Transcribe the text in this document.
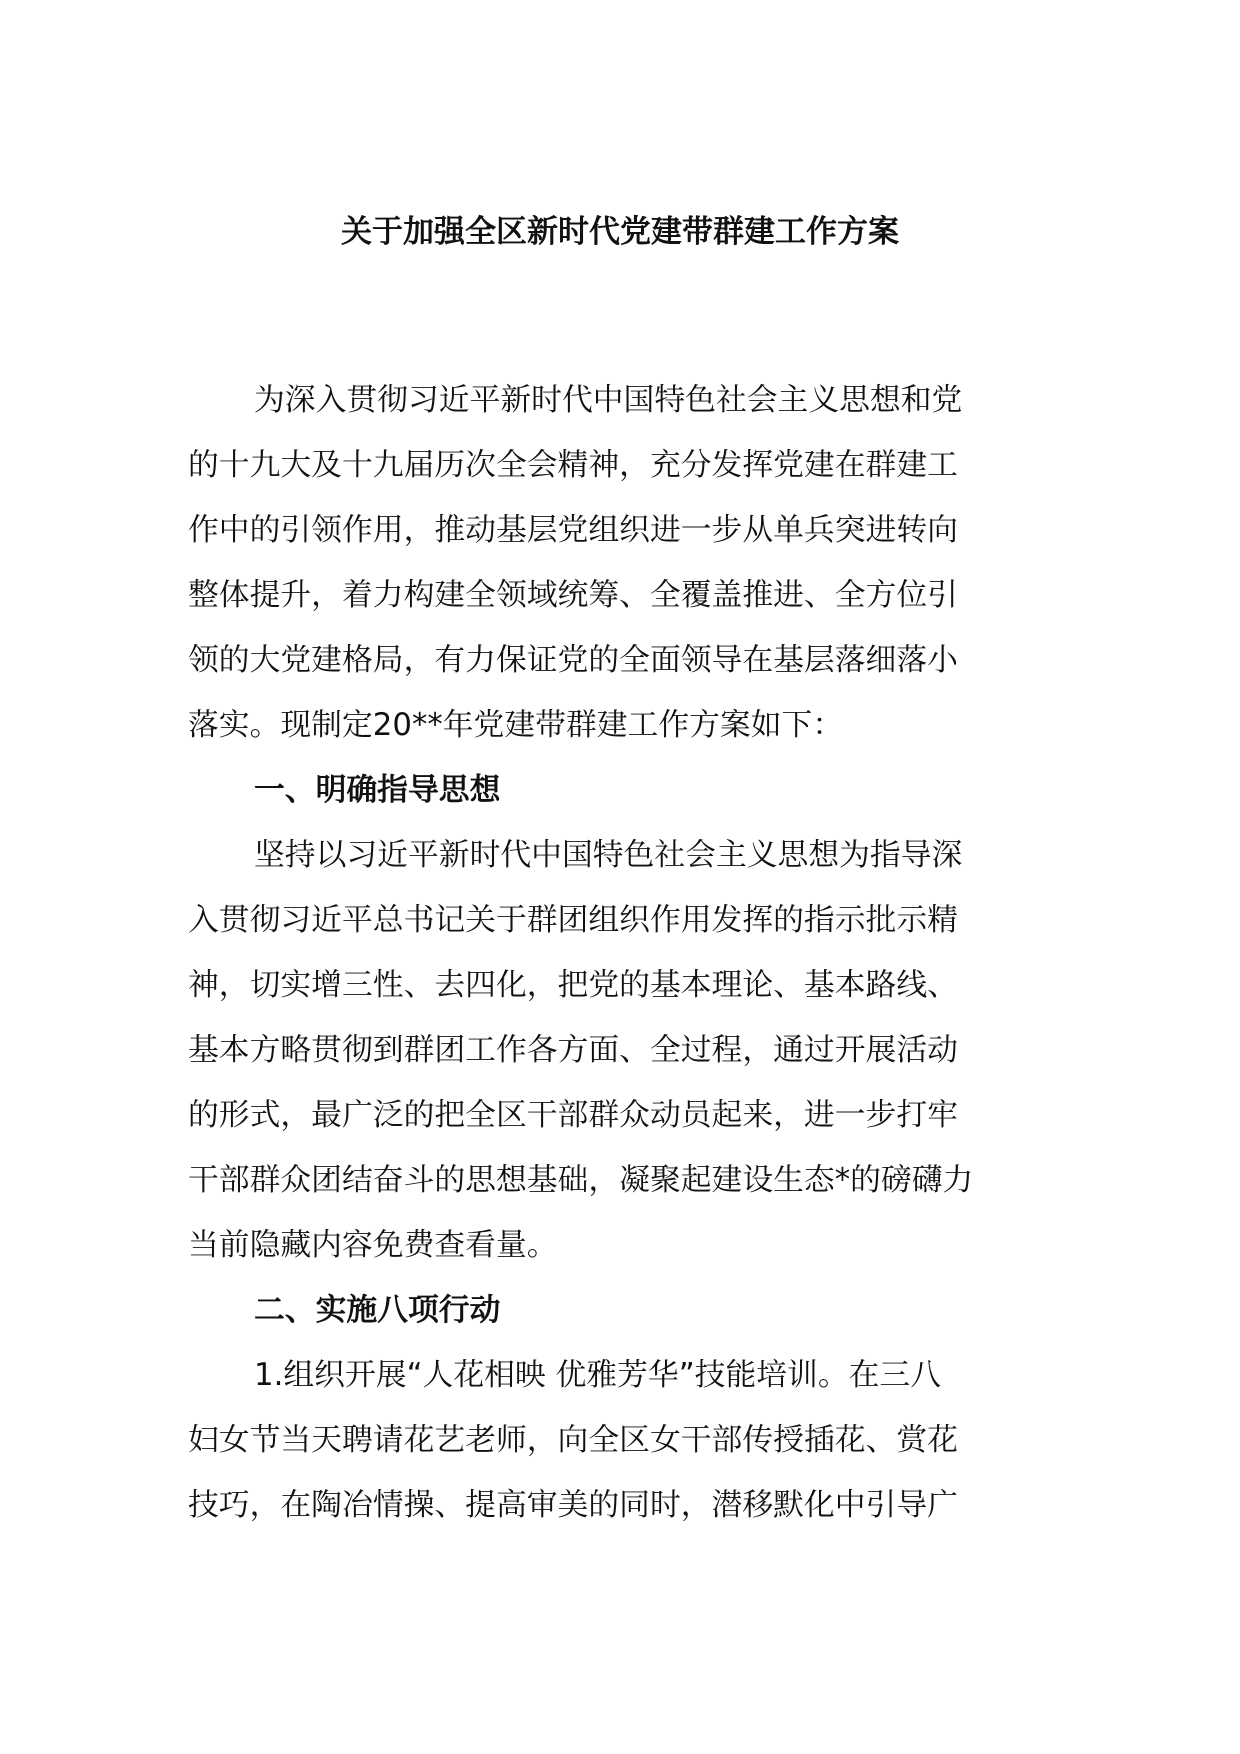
关于加强全区新时代党建带群建工作方案
为深入贯彻习近平新时代中国特色社会主义思想和党
的十九大及十九届历次全会精神，充分发挥党建在群建工
作中的引领作用，推动基层党组织进一步从单兵突进转向
整体提升，着力构建全领域统筹、全覆盖推进、全方位引
领的大党建格局，有力保证党的全面领导在基层落细落小
落实。现制定20**年党建带群建工作方案如下：
一、明确指导思想
坚持以习近平新时代中国特色社会主义思想为指导深
入贯彻习近平总书记关于群团组织作用发挥的指示批示精
神，切实增三性、去四化，把党的基本理论、基本路线、
基本方略贯彻到群团工作各方面、全过程，通过开展活动
的形式，最广泛的把全区干部群众动员起来，进一步打牢
干部群众团结奋斗的思想基础，凝聚起建设生态*的磅礴力
当前隐藏内容免费查看量。
二、实施八项行动
1.组织开展“人花相映 优雅芳华”技能培训。在三八
妇女节当天聘请花艺老师，向全区女干部传授插花、赏花
技巧，在陶冶情操、提高审美的同时，潜移默化中引导广
